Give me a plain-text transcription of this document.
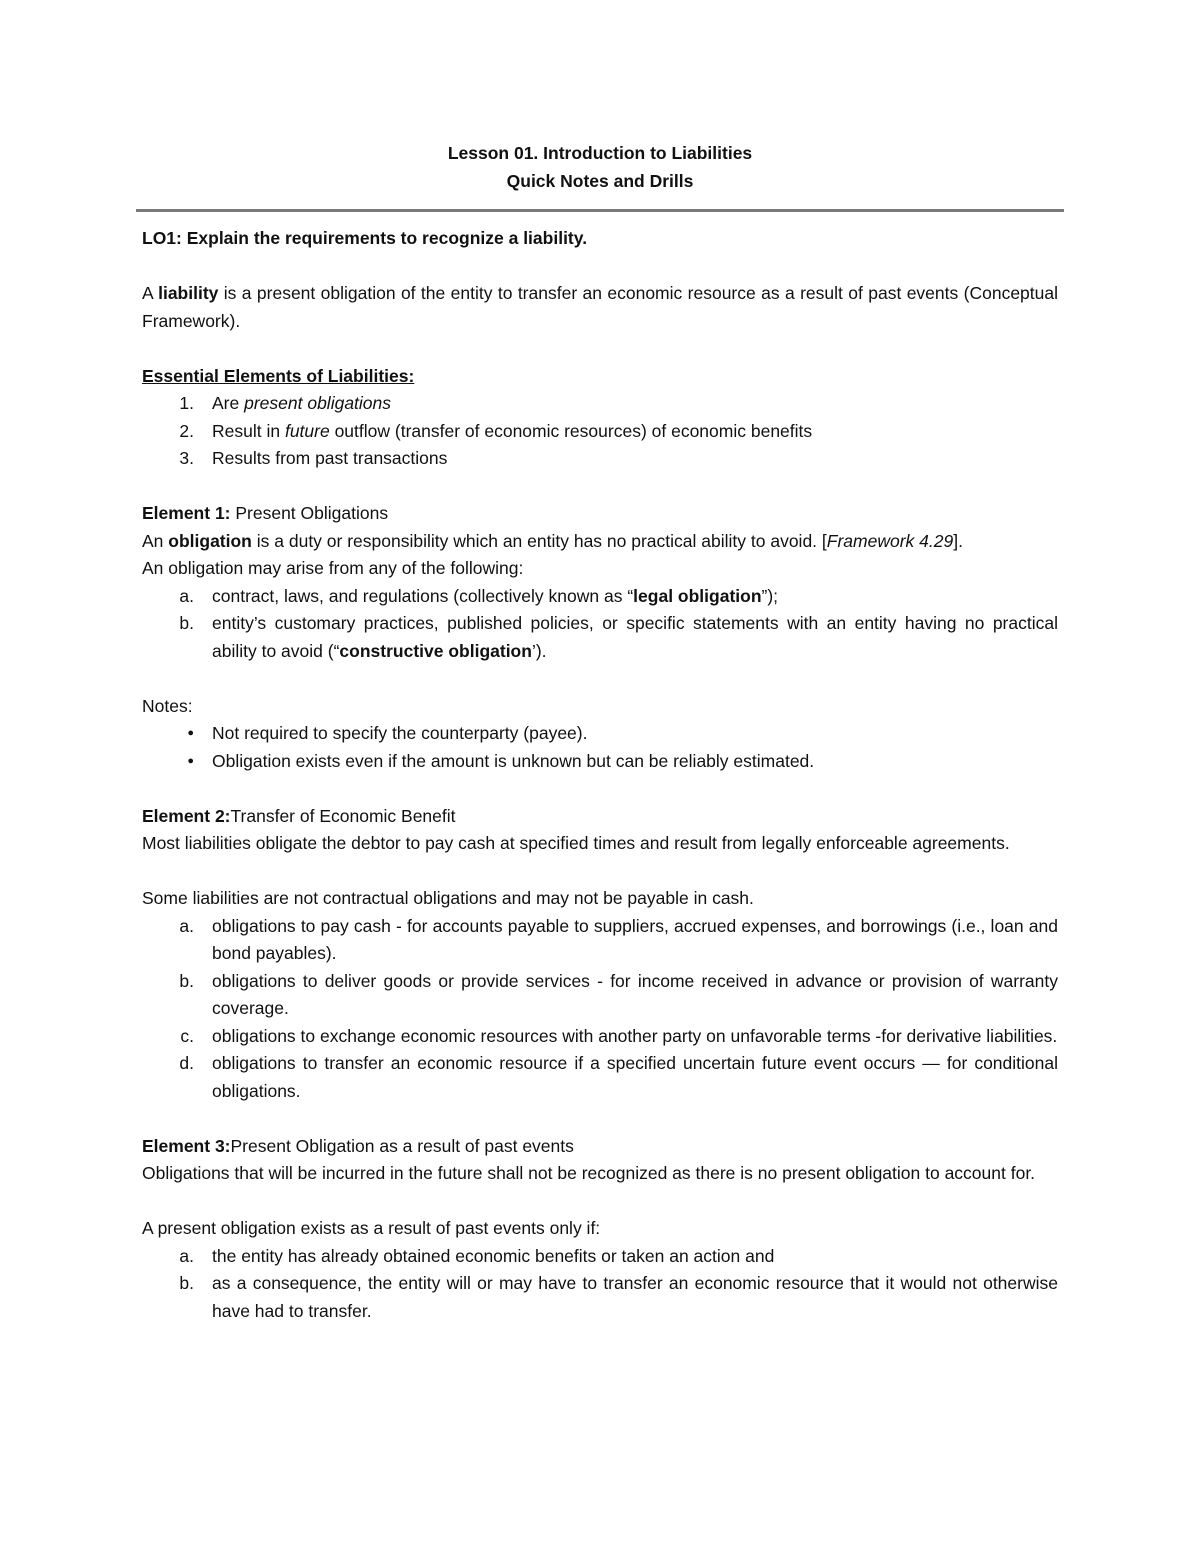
Lesson 01. Introduction to Liabilities
Quick Notes and Drills
LO1: Explain the requirements to recognize a liability.
A liability is a present obligation of the entity to transfer an economic resource as a result of past events (Conceptual Framework).
Essential Elements of Liabilities:
1.	Are present obligations
2.	Result in future outflow (transfer of economic resources) of economic benefits
3.	Results from past transactions
Element 1: Present Obligations
An obligation is a duty or responsibility which an entity has no practical ability to avoid. [Framework 4.29].
An obligation may arise from any of the following:
a.	contract, laws, and regulations (collectively known as “legal obligation”);
b.	entity’s customary practices, published policies, or specific statements with an entity having no practical ability to avoid (“constructive obligation’).
Notes:
●	Not required to specify the counterparty (payee).
●	Obligation exists even if the amount is unknown but can be reliably estimated.
Element 2:Transfer of Economic Benefit
Most liabilities obligate the debtor to pay cash at specified times and result from legally enforceable agreements.
Some liabilities are not contractual obligations and may not be payable in cash.
a.	obligations to pay cash - for accounts payable to suppliers, accrued expenses, and borrowings (i.e., loan and bond payables).
b.	obligations to deliver goods or provide services - for income received in advance or provision of warranty coverage.
c.	obligations to exchange economic resources with another party on unfavorable terms -for derivative liabilities.
d.	obligations to transfer an economic resource if a specified uncertain future event occurs — for conditional obligations.
Element 3:Present Obligation as a result of past events
Obligations that will be incurred in the future shall not be recognized as there is no present obligation to account for.
A present obligation exists as a result of past events only if:
a.	the entity has already obtained economic benefits or taken an action and
b.	as a consequence, the entity will or may have to transfer an economic resource that it would not otherwise have had to transfer.
